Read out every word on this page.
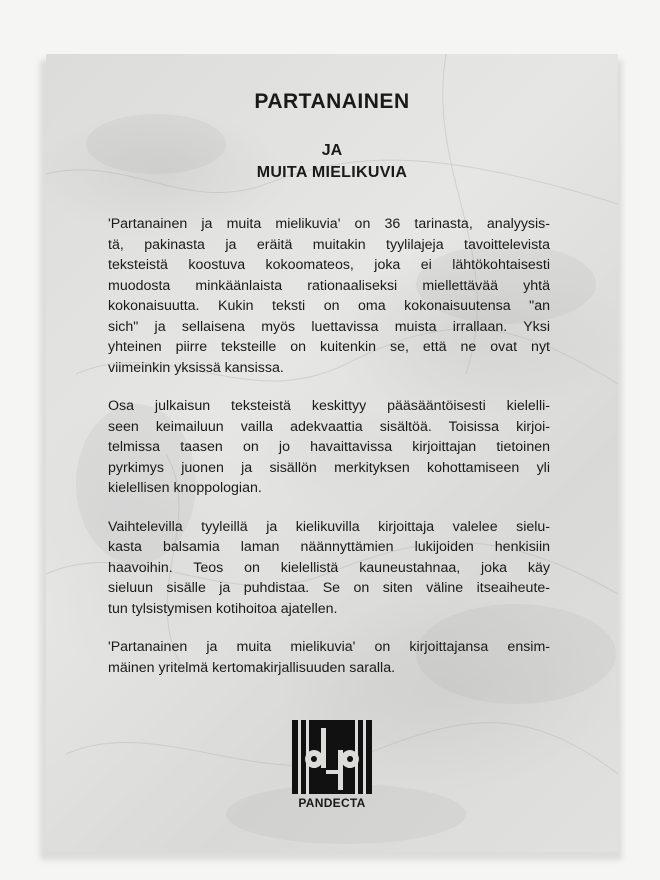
PARTANAINEN
JA
MUITA MIELIKUVIA

'Partanainen ja muita mielikuvia' on 36 tarinasta, analyysis-
tä, pakinasta ja eräitä muitakin tyylilajeja tavoittelevista
teksteistä koostuva kokoomateos, joka ei lähtökohtaisesti
muodosta minkäänlaista rationaaliseksi miellettävää yhtä
kokonaisuutta. Kukin teksti on oma kokonaisuutensa "an
sich" ja sellaisena myös luettavissa muista irrallaan. Yksi
yhteinen piirre teksteille on kuitenkin se, että ne ovat nyt
viimeinkin yksissä kansissa.

Osa julkaisun teksteistä keskittyy pääsääntöisesti kielelli-
seen keimailuun vailla adekvaattia sisältöä. Toisissa kirjoi-
telmissa taasen on jo havaittavissa kirjoittajan tietoinen
pyrkimys juonen ja sisällön merkityksen kohottamiseen yli
kielellisen knoppologian.

Vaihtelevilla tyyleillä ja kielikuvilla kirjoittaja valelee sielu-
kasta balsamia laman näännyttämien lukijoiden henkisiin
haavoihin. Teos on kielellistä kauneustahnaa, joka käy
sieluun sisälle ja puhdistaa. Se on siten väline itseaiheute-
tun tylsistymisen kotihoitoa ajatellen.

'Partanainen ja muita mielikuvia' on kirjoittajansa ensim-
mäinen yritelmä kertomakirjallisuuden saralla.

PANDECTA
